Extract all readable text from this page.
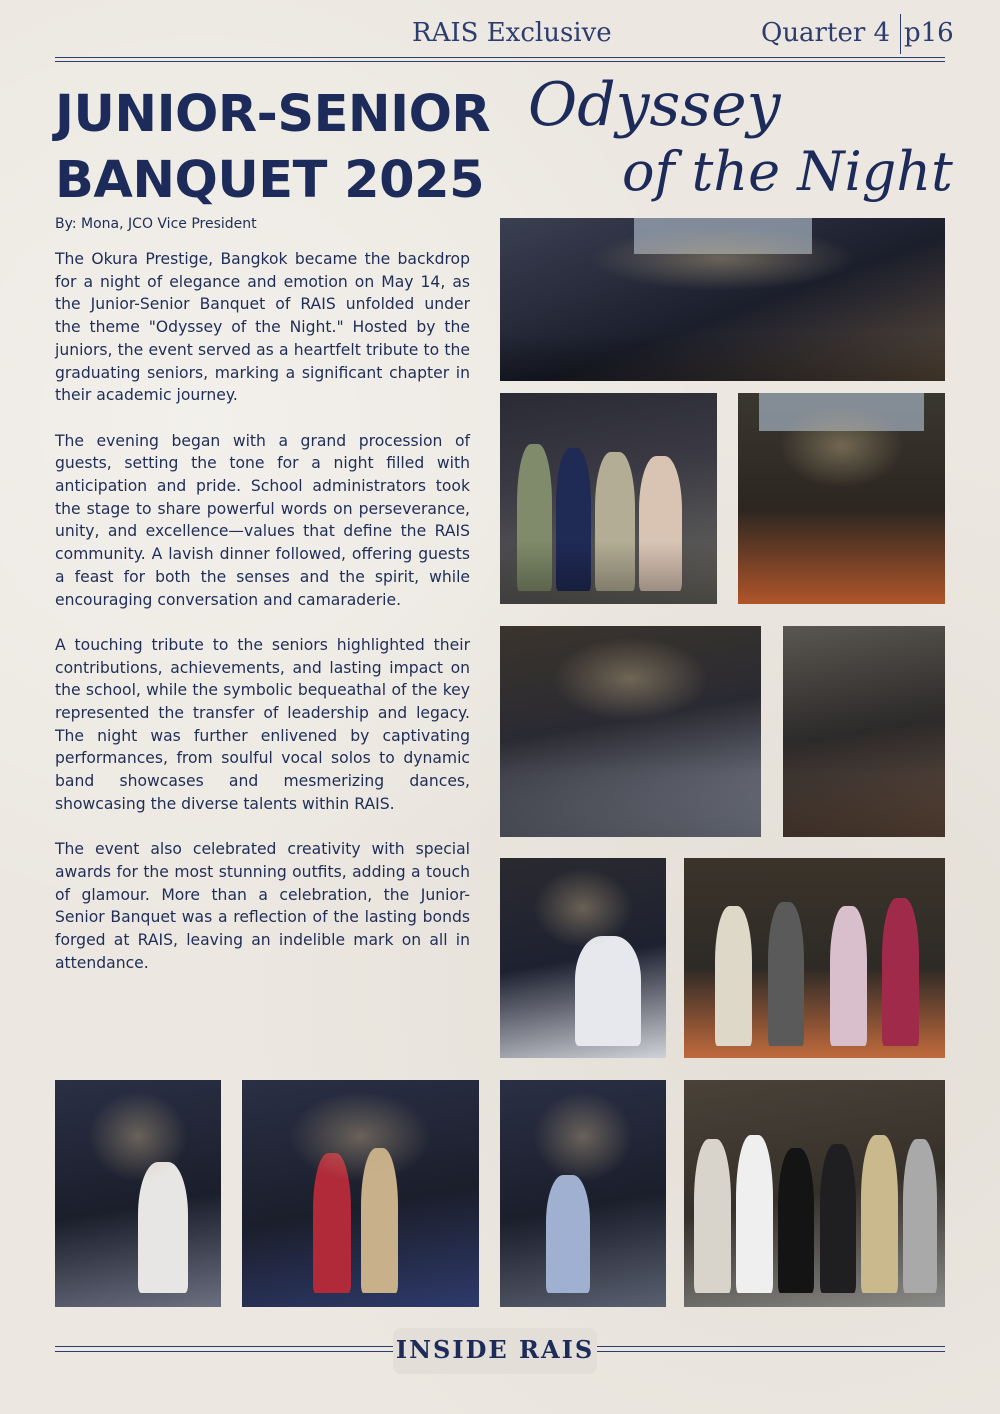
RAIS Exclusive	Quarter 4 p16
JUNIOR-SENIOR
BANQUET 2025
Odyssey
of the Night
By: Mona, JCO Vice President

The Okura Prestige, Bangkok became the backdrop for a night of elegance and emotion on May 14, as the Junior-Senior Banquet of RAIS unfolded under the theme "Odyssey of the Night." Hosted by the juniors, the event served as a heartfelt tribute to the graduating seniors, marking a significant chapter in their academic journey.

The evening began with a grand procession of guests, setting the tone for a night filled with anticipation and pride. School administrators took the stage to share powerful words on perseverance, unity, and excellence—values that define the RAIS community. A lavish dinner followed, offering guests a feast for both the senses and the spirit, while encouraging conversation and camaraderie.

A touching tribute to the seniors highlighted their contributions, achievements, and lasting impact on the school, while the symbolic bequeathal of the key represented the transfer of leadership and legacy. The night was further enlivened by captivating performances, from soulful vocal solos to dynamic band showcases and mesmerizing dances, showcasing the diverse talents within RAIS.

The event also celebrated creativity with special awards for the most stunning outfits, adding a touch of glamour. More than a celebration, the Junior-Senior Banquet was a reflection of the lasting bonds forged at RAIS, leaving an indelible mark on all in attendance.

INSIDE RAIS
